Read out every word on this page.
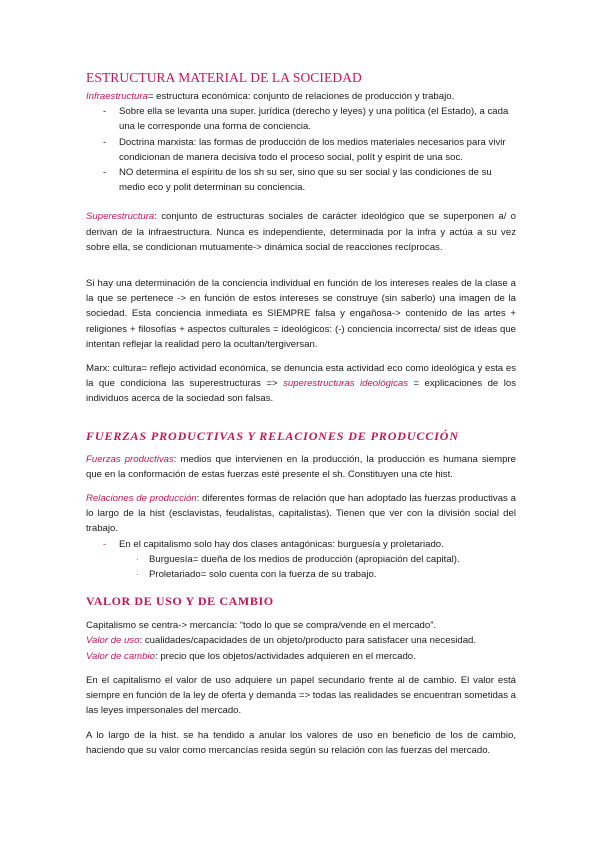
ESTRUCTURA MATERIAL DE LA SOCIEDAD

Infraestructura= estructura económica: conjunto de relaciones de producción y trabajo.

- Sobre ella se levanta una super. jurídica (derecho y leyes) y una política (el Estado), a cada una le corresponde una forma de conciencia.
- Doctrina marxista: las formas de producción de los medios materiales necesarios para vivir condicionan de manera decisiva todo el proceso social, polít y espirit de una soc.
- NO determina el espíritu de los sh su ser, sino que su ser social y las condiciones de su medio eco y polit determinan su conciencia.

Superestructura: conjunto de estructuras sociales de carácter ideológico que se superponen a/ o derivan de la infraestructura. Nunca es independiente, determinada por la infra y actúa a su vez sobre ella, se condicionan mutuamente-> dinámica social de reacciones recíprocas.

Si hay una determinación de la conciencia individual en función de los intereses reales de la clase a la que se pertenece -> en función de estos intereses se construye (sin saberlo) una imagen de la sociedad. Esta conciencia inmediata es SIEMPRE falsa y engañosa-> contenido de las artes + religiones + filosofías + aspectos culturales = ideológicos: (-) conciencia incorrecta/ sist de ideas que intentan reflejar la realidad pero la ocultan/tergiversan.

Marx: cultura= reflejo actividad económica, se denuncia esta actividad eco como ideológica y esta es la que condiciona las superestructuras => superestructuras ideológicas = explicaciones de los individuos acerca de la sociedad son falsas.

FUERZAS PRODUCTIVAS Y RELACIONES DE PRODUCCIÓN

Fuerzas productivas: medios que intervienen en la producción, la producción es humana siempre que en la conformación de estas fuerzas esté presente el sh. Constituyen una cte hist.

Relaciones de producción: diferentes formas de relación que han adoptado las fuerzas productivas a lo largo de la hist (esclavistas, feudalistas, capitalistas). Tienen que ver con la división social del trabajo.

- En el capitalismo solo hay dos clases antagónicas: burguesía y proletariado.
· Burguesía= dueña de los medios de producción (apropiación del capital).
· Proletariado= solo cuenta con la fuerza de su trabajo.
VALOR DE USO Y DE CAMBIO

Capitalismo se centra-> mercancía: “todo lo que se compra/vende en el mercado”.

Valor de uso: cualidades/capacidades de un objeto/producto para satisfacer una necesidad.

Valor de cambio: precio que los objetos/actividades adquieren en el mercado.

En el capitalismo el valor de uso adquiere un papel secundario frente al de cambio. El valor está siempre en función de la ley de oferta y demanda => todas las realidades se encuentran sometidas a las leyes impersonales del mercado.

A lo largo de la hist. se ha tendido a anular los valores de uso en beneficio de los de cambio, haciendo que su valor como mercancías resida según su relación con las fuerzas del mercado.
